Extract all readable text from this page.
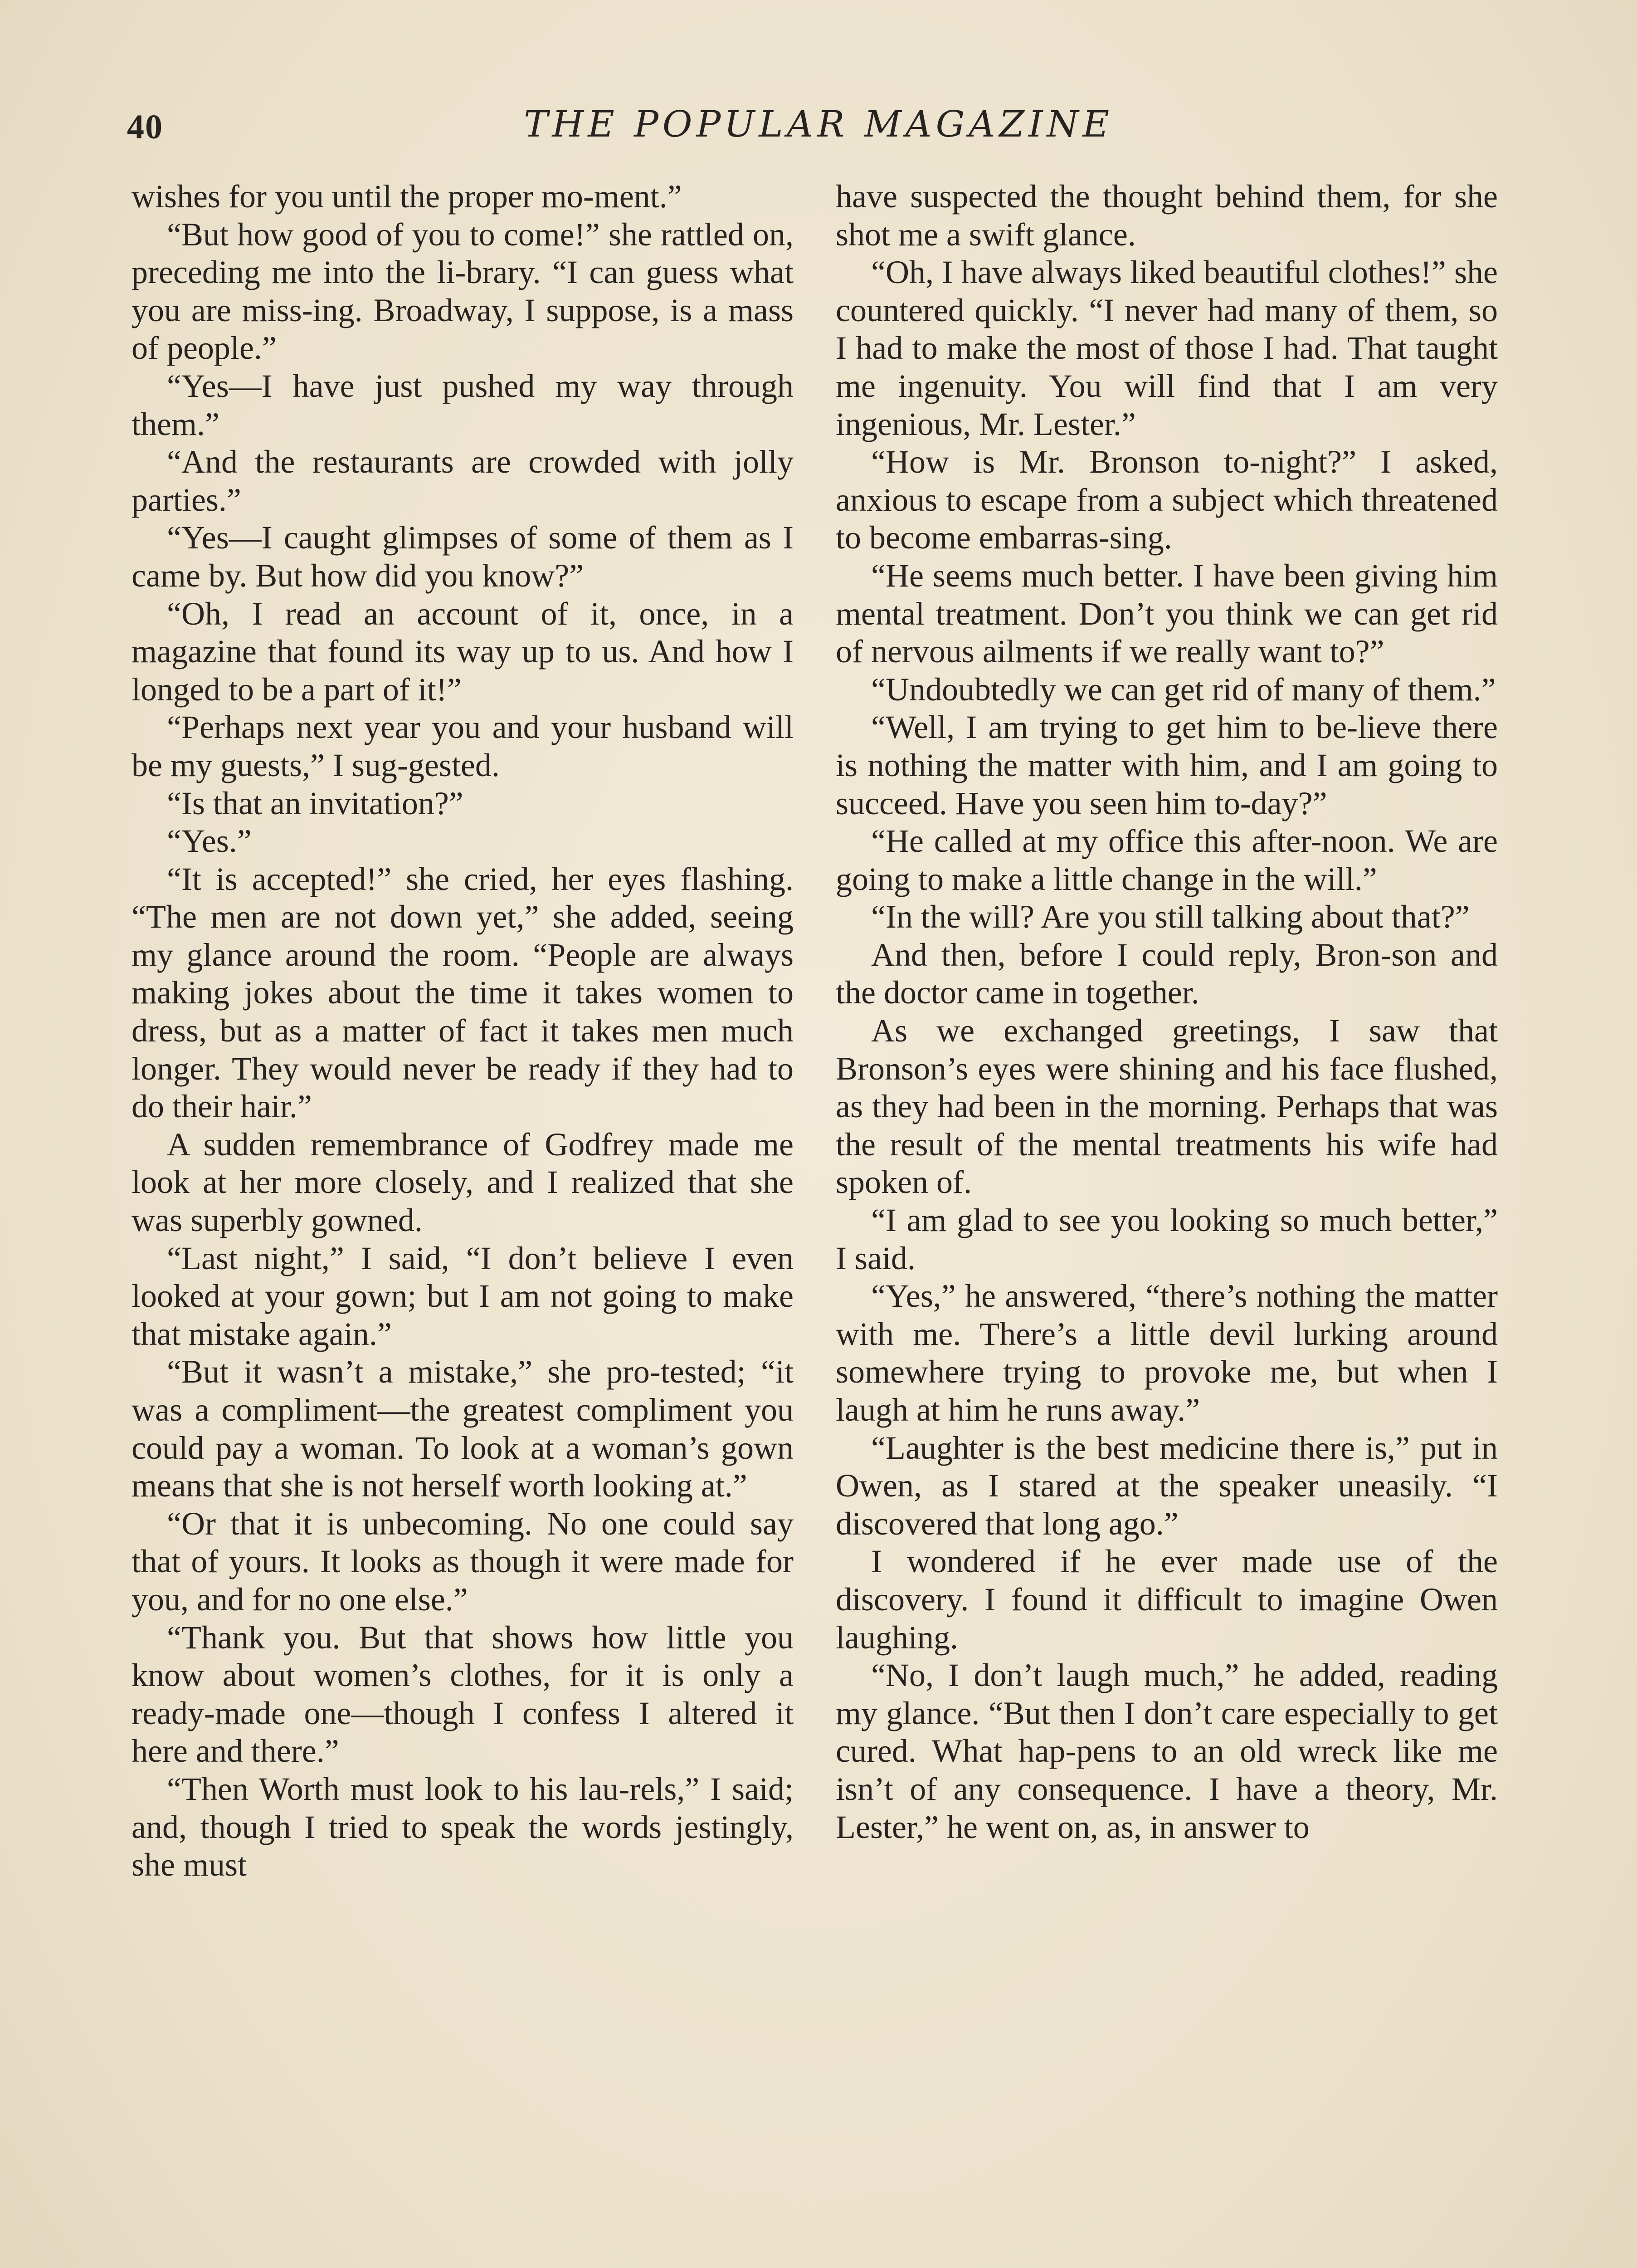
40	THE POPULAR MAGAZINE

wishes for you until the proper mo-ment.”

“But how good of you to come!” she rattled on, preceding me into the li-brary. “I can guess what you are miss-ing. Broadway, I suppose, is a mass of people.”

“Yes—I have just pushed my way through them.”

“And the restaurants are crowded with jolly parties.”

“Yes—I caught glimpses of some of them as I came by. But how did you know?”

“Oh, I read an account of it, once, in a magazine that found its way up to us. And how I longed to be a part of it!”

“Perhaps next year you and your husband will be my guests,” I sug-gested.

“Is that an invitation?”

“Yes.”

“It is accepted!” she cried, her eyes flashing. “The men are not down yet,” she added, seeing my glance around the room. “People are always making jokes about the time it takes women to dress, but as a matter of fact it takes men much longer. They would never be ready if they had to do their hair.”

A sudden remembrance of Godfrey made me look at her more closely, and I realized that she was superbly gowned.

“Last night,” I said, “I don’t believe I even looked at your gown; but I am not going to make that mistake again.”

“But it wasn’t a mistake,” she pro-tested; “it was a compliment—the greatest compliment you could pay a woman. To look at a woman’s gown means that she is not herself worth looking at.”

“Or that it is unbecoming. No one could say that of yours. It looks as though it were made for you, and for no one else.”

“Thank you. But that shows how little you know about women’s clothes, for it is only a ready-made one—though I confess I altered it here and there.”

“Then Worth must look to his lau-rels,” I said; and, though I tried to speak the words jestingly, she must

have suspected the thought behind them, for she shot me a swift glance.

“Oh, I have always liked beautiful clothes!” she countered quickly. “I never had many of them, so I had to make the most of those I had. That taught me ingenuity. You will find that I am very ingenious, Mr. Lester.”

“How is Mr. Bronson to-night?” I asked, anxious to escape from a subject which threatened to become embarras-sing.

“He seems much better. I have been giving him mental treatment. Don’t you think we can get rid of nervous ailments if we really want to?”

“Undoubtedly we can get rid of many of them.”

“Well, I am trying to get him to be-lieve there is nothing the matter with him, and I am going to succeed. Have you seen him to-day?”

“He called at my office this after-noon. We are going to make a little change in the will.”

“In the will? Are you still talking about that?”

And then, before I could reply, Bron-son and the doctor came in together.

As we exchanged greetings, I saw that Bronson’s eyes were shining and his face flushed, as they had been in the morning. Perhaps that was the result of the mental treatments his wife had spoken of.

“I am glad to see you looking so much better,” I said.

“Yes,” he answered, “there’s nothing the matter with me. There’s a little devil lurking around somewhere trying to provoke me, but when I laugh at him he runs away.”

“Laughter is the best medicine there is,” put in Owen, as I stared at the speaker uneasily. “I discovered that long ago.”

I wondered if he ever made use of the discovery. I found it difficult to imagine Owen laughing.

“No, I don’t laugh much,” he added, reading my glance. “But then I don’t care especially to get cured. What hap-pens to an old wreck like me isn’t of any consequence. I have a theory, Mr. Lester,” he went on, as, in answer to
